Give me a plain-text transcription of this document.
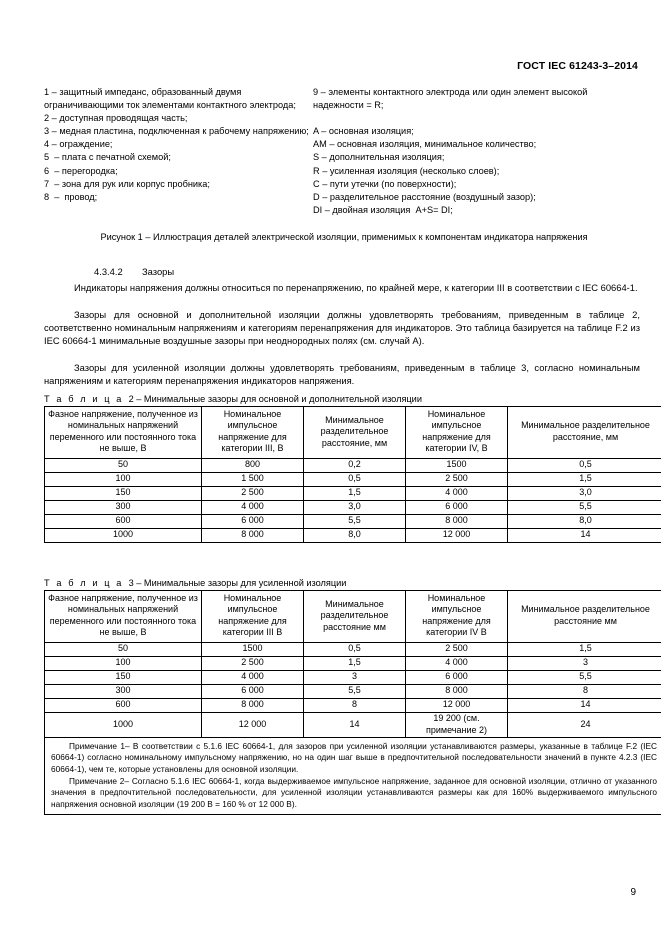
ГОСТ IEC 61243-3–2014

1 – защитный импеданс, образованный двумя ограничивающими ток элементами контактного электрода;

2 – доступная проводящая часть;

3 – медная пластина, подключенная к рабочему напряжению;

4 – ограждение;

5  – плата с печатной схемой;

6  – перегородка;

7  – зона для рук или корпус пробника;

8  –  провод;

9 – элементы контактного электрода или один элемент высокой надежности = R;

A – основная изоляция;

AM – основная изоляция, минимальное количество;

S – дополнительная изоляция;

R – усиленная изоляция (несколько слоев);

C – пути утечки (по поверхности);

D – разделительное расстояние (воздушный зазор);

DI – двойная изоляция  A+S= DI;

Рисунок 1 – Иллюстрация деталей электрической изоляции, применимых к компонентам индикатора напряжения
4.3.4.2 Зазоры

Индикаторы напряжения должны относиться по перенапряжению, по крайней мере, к категории III в соответствии с IEC 60664-1.

Зазоры для основной и дополнительной изоляции должны удовлетворять требованиям, приведенным в таблице 2, соответственно номинальным напряжениям и категориям перенапряжения для индикаторов. Это таблица базируется на таблице F.2 из IEC 60664-1 минимальные воздушные зазоры при неоднородных полях (см. случай А).

Зазоры для усиленной изоляции должны удовлетворять требованиям, приведенным в таблице 3, согласно номинальным напряжениям и категориям перенапряжения индикаторов напряжения.

Т а б л и ц а 2 – Минимальные зазоры для основной и дополнительной изоляции
Фазное напряжение, полученное из номинальных напряжений переменного или постоянного тока не выше, В	Номинальное импульсное напряжение для категории III, В	Минимальное разделительное расстояние, мм	Номинальное импульсное напряжение для категории IV, В	Минимальное разделительное расстояние, мм
50	800	0,2	1500	0,5
100	1 500	0,5	2 500	1,5
150	2 500	1,5	4 000	3,0
300	4 000	3,0	6 000	5,5
600	6 000	5,5	8 000	8,0
1000	8 000	8,0	12 000	14
Т а б л и ц а 3 – Минимальные зазоры для усиленной изоляции
Фазное напряжение, полученное из номинальных напряжений переменного или постоянного тока не выше, В	Номинальное импульсное напряжение для категории III В	Минимальное разделительное расстояние мм	Номинальное импульсное напряжение для категории IV В	Минимальное разделительное расстояние мм
50	1500	0,5	2 500	1,5
100	2 500	1,5	4 000	3
150	4 000	3	6 000	5,5
300	6 000	5,5	8 000	8
600	8 000	8	12 000	14
1000	12 000	14	19 200 (см. примечание 2)	24

Примечание 1– В соответствии с 5.1.6 IEC 60664-1, для зазоров при усиленной изоляции устанавливаются размеры, указанные в таблице F.2 (IEC 60664-1) согласно номинальному импульсному напряжению, но на один шаг выше в предпочтительной последовательности значений в пункте 4.2.3 (IEC 60664-1), чем те, которые установлены для основной изоляции.

Примечание 2– Согласно 5.1.6 IEC 60664-1, когда выдерживаемое импульсное напряжение, заданное для основной изоляции, отлично от указанного значения в предпочтительной последовательности, для усиленной изоляции устанавливаются размеры как для 160% выдерживаемого импульсного напряжения основной изоляции (19 200 В = 160 % от 12 000 В).				

9
